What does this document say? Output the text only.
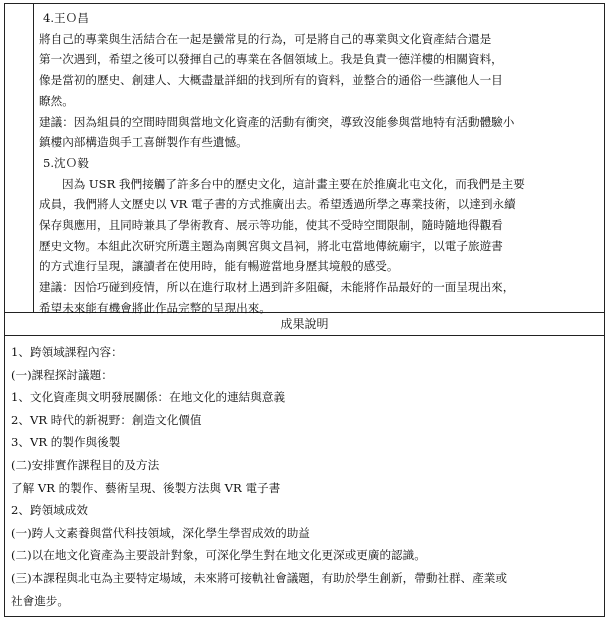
4.王Ｏ昌

將自己的專業與生活結合在一起是蠻常見的行為，可是將自己的專業與文化資產結合還是

第一次遇到，希望之後可以發揮自己的專業在各個領域上。我是負責一德洋樓的相關資料，

像是當初的歷史、創建人、大概盡量詳細的找到所有的資料，並整合的通俗一些讓他人一目

瞭然。

建議：因為組員的空間時間與當地文化資產的活動有衝突，導致沒能參與當地特有活動體驗小

鎮樓內部構造與手工喜餅製作有些遺憾。

5.沈Ｏ毅

因為 USR 我們接觸了許多台中的歷史文化，這計畫主要在於推廣北屯文化，而我們是主要

成員，我們將人文歷史以 VR 電子書的方式推廣出去。希望透過所學之專業技術，以達到永續

保存與應用，且同時兼具了學術教育、展示等功能，使其不受時空間限制，隨時隨地得觀看

歷史文物。本組此次研究所選主題為南興宮與文昌祠，將北屯當地傳統廟宇，以電子旅遊書

的方式進行呈現，讓讀者在使用時，能有暢遊當地身歷其境般的感受。

建議：因恰巧碰到疫情，所以在進行取材上遇到許多阻礙，未能將作品最好的一面呈現出來，

希望未來能有機會將此作品完整的呈現出來。

成果說明

1、跨領域課程內容：

(一)課程探討議題：

1、文化資產與文明發展關係：在地文化的連結與意義

2、VR 時代的新視野：創造文化價值

3、VR 的製作與後製

(二)安排實作課程目的及方法

了解 VR 的製作、藝術呈現、後製方法與 VR 電子書

2、跨領域成效

(一)跨人文素養與當代科技領域，深化學生學習成效的助益

(二)以在地文化資產為主要設計對象，可深化學生對在地文化更深或更廣的認識。

(三)本課程與北屯為主要特定場域，未來將可接軌社會議題，有助於學生創新，帶動社群、產業或

社會進步。
